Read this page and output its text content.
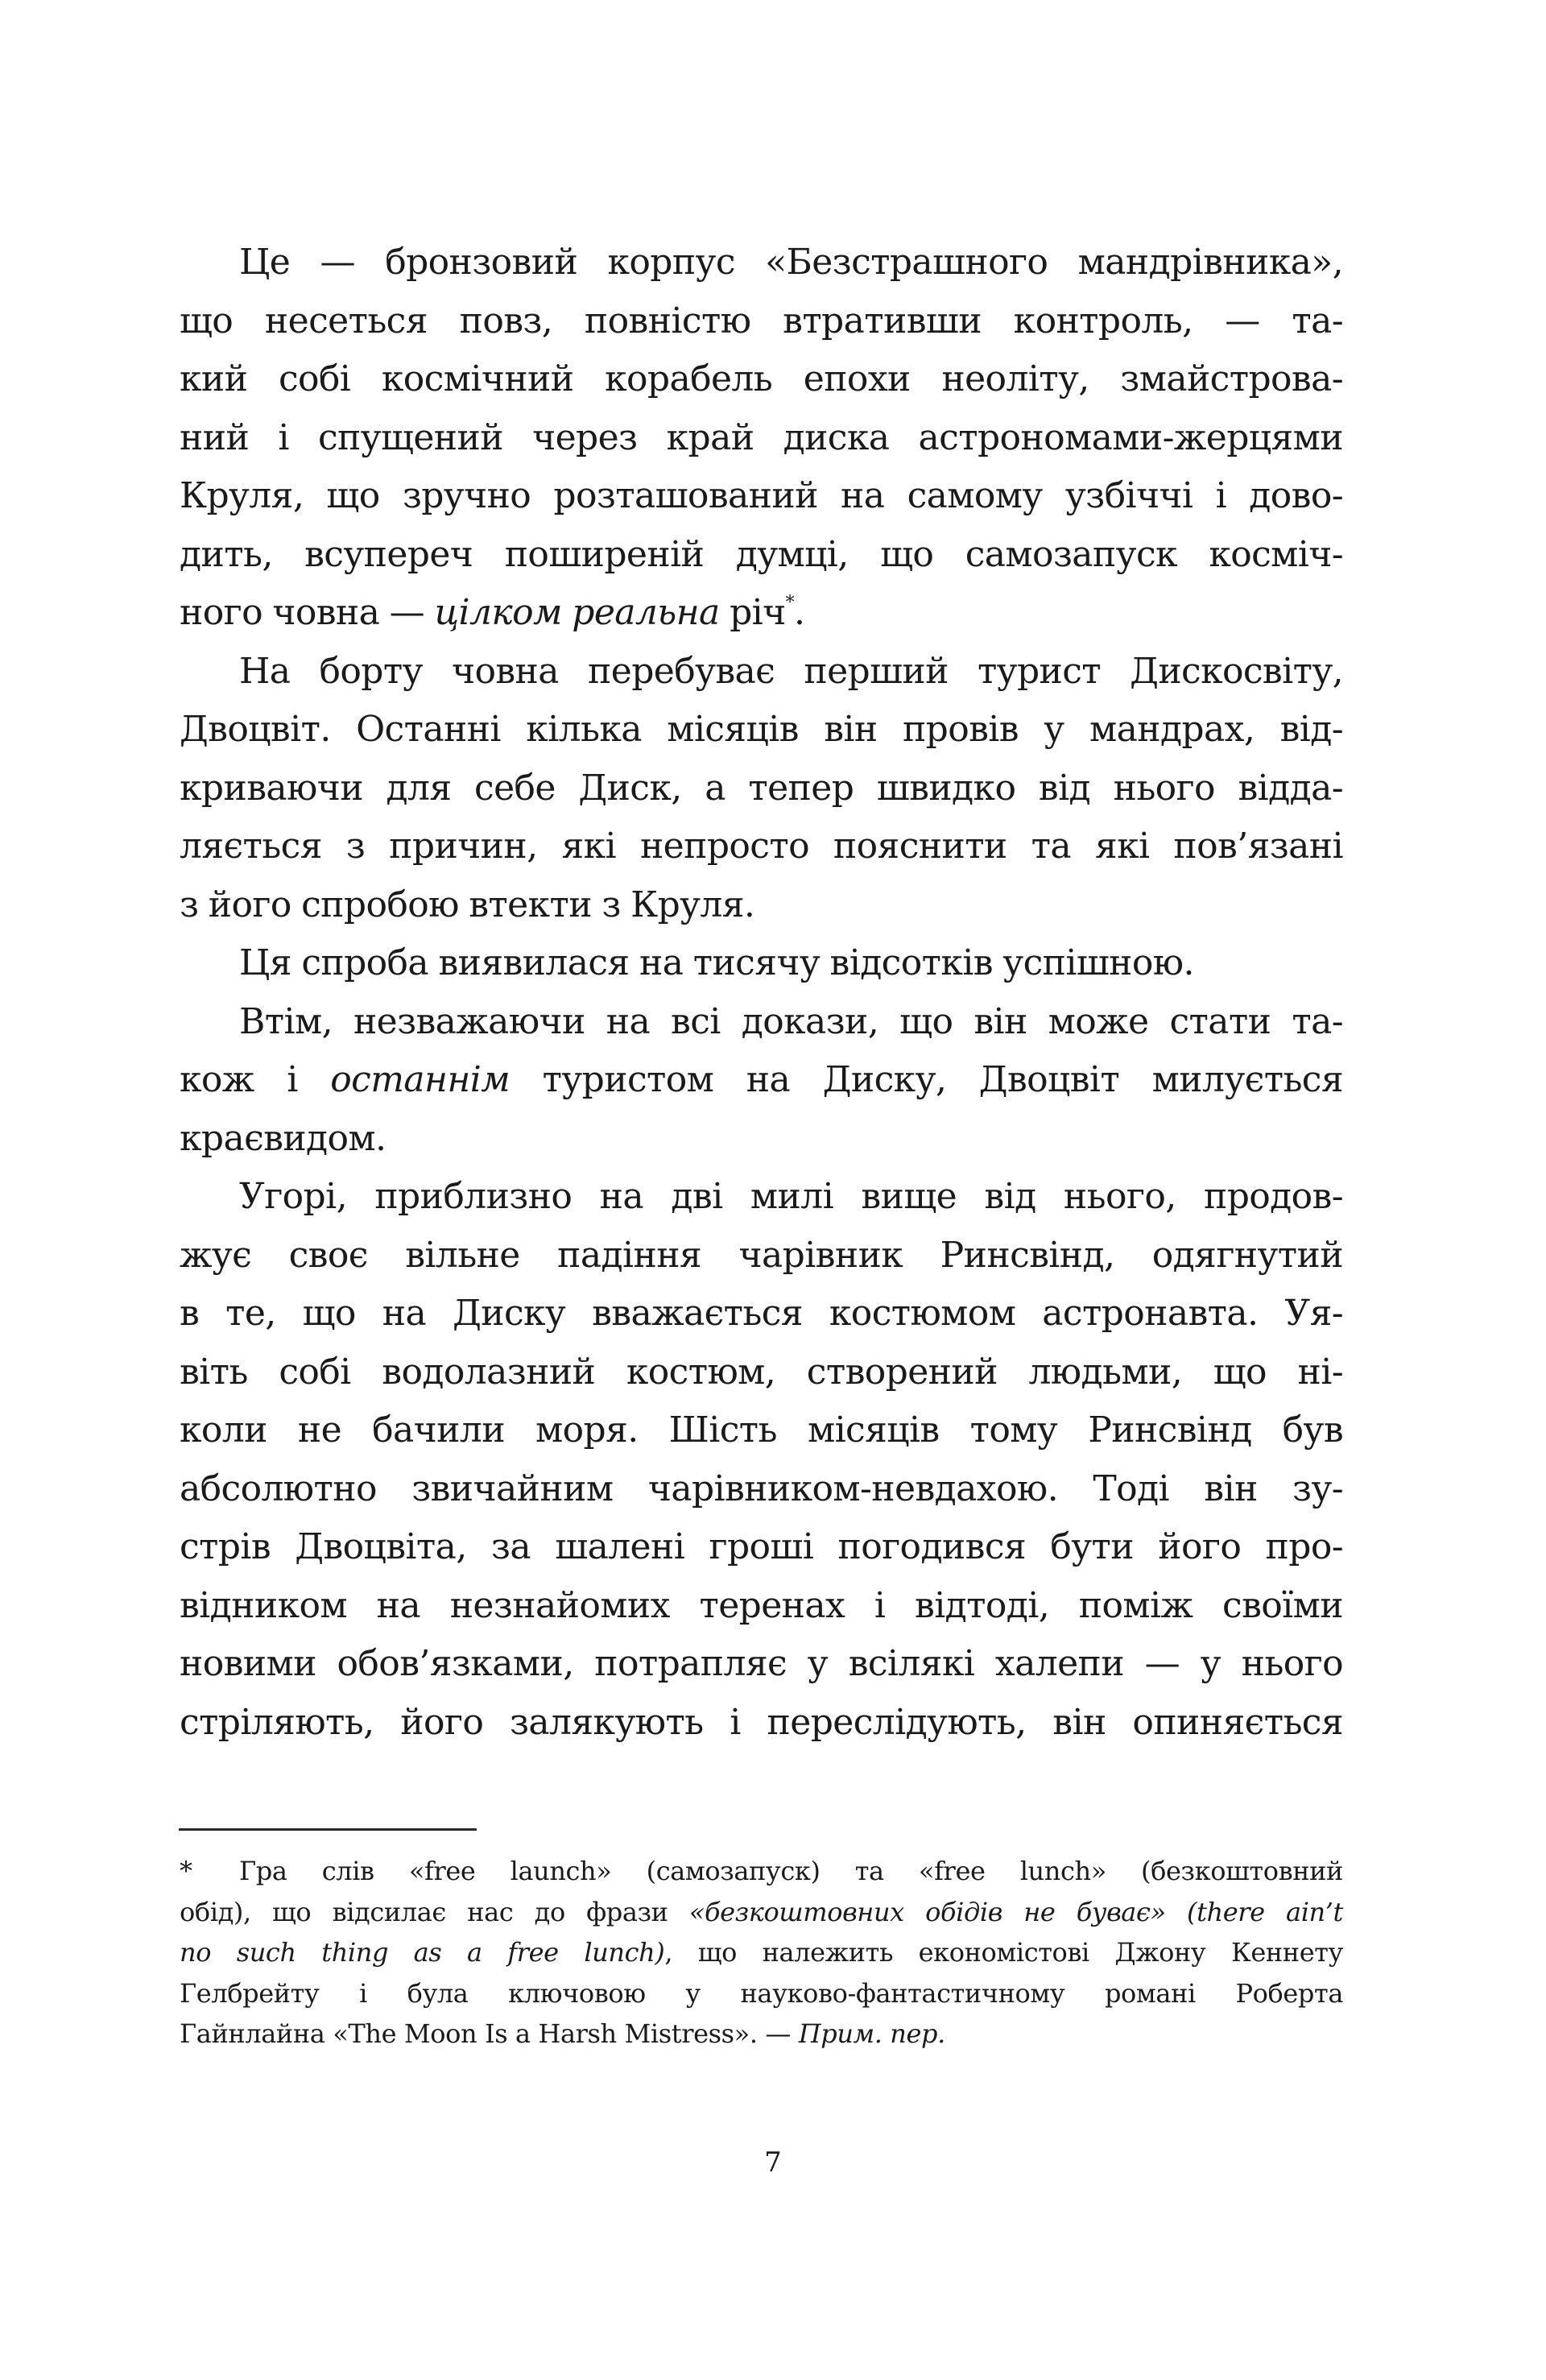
Це — бронзовий корпус «Безстрашного мандрівника»,
що несеться повз, повністю втративши контроль, — та-
кий собі космічний корабель епохи неоліту, змайстрова-
ний і спущений через край диска астрономами-жерцями
Круля, що зручно розташований на самому узбіччі і дово-
дить, всупереч поширеній думці, що самозапуск косміч-
ного човна — цілком реальна річ*.
На борту човна перебуває перший турист Дискосвіту,
Двоцвіт. Останні кілька місяців він провів у мандрах, від-
криваючи для себе Диск, а тепер швидко від нього відда-
ляється з причин, які непросто пояснити та які пов’язані
з його спробою втекти з Круля.
Ця спроба виявилася на тисячу відсотків успішною.
Втім, незважаючи на всі докази, що він може стати та-
кож і останнім туристом на Диску, Двоцвіт милується
краєвидом.
Угорі, приблизно на дві милі вище від нього, продов-
жує своє вільне падіння чарівник Ринсвінд, одягнутий
в те, що на Диску вважається костюмом астронавта. Уя-
віть собі водолазний костюм, створений людьми, що ні-
коли не бачили моря. Шість місяців тому Ринсвінд був
абсолютно звичайним чарівником-невдахою. Тоді він зу-
стрів Двоцвіта, за шалені гроші погодився бути його про-
відником на незнайомих теренах і відтоді, поміж своїми
новими обов’язками, потрапляє у всілякі халепи — у нього
стріляють, його залякують і переслідують, він опиняється
*	Гра слів «free launch» (самозапуск) та «free lunch» (безкоштовний
обід), що відсилає нас до фрази «безкоштовних обідів не буває» (there ain’t
no such thing as a free lunch), що належить економістові Джону Кеннету
Гелбрейту і була ключовою у науково-фантастичному романі Роберта
Гайнлайна «The Moon Is a Harsh Mistress». — Прим. пер.
7
